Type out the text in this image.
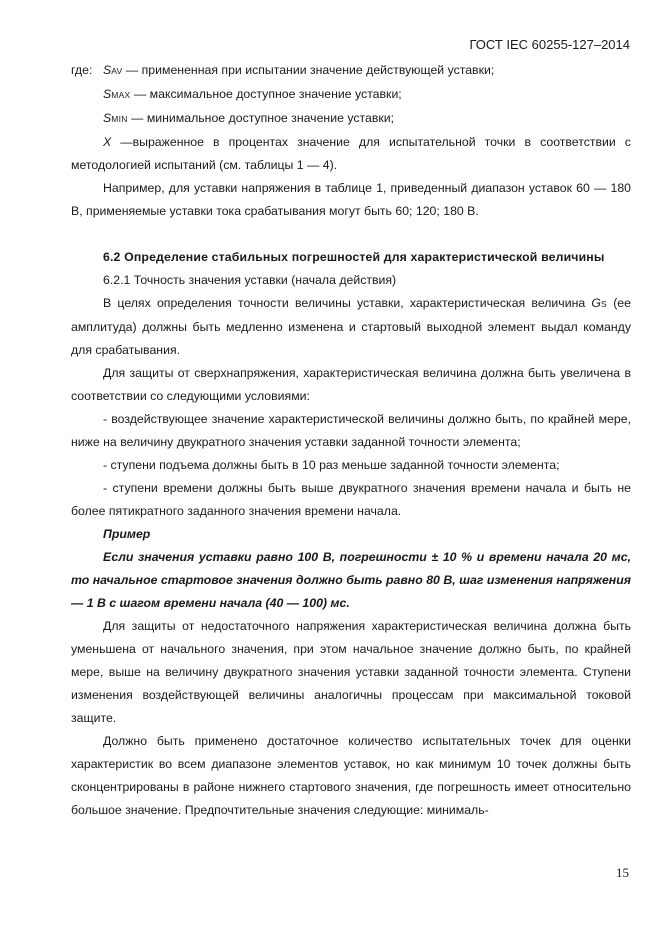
ГОСТ IEC 60255-127–2014
где: SAV — примененная при испытании значение действующей уставки;
SMAX — максимальное доступное значение уставки;
SMIN — минимальное доступное значение уставки;

X —выраженное в процентах значение для испытательной точки в соответствии с методологией испытаний (см. таблицы 1 — 4).

Например, для уставки напряжения в таблице 1, приведенный диапазон уставок 60 — 180 В, применяемые уставки тока срабатывания могут быть 60; 120; 180 В.

6.2 Определение стабильных погрешностей для характеристической величины

6.2.1 Точность значения уставки (начала действия)

В целях определения точности величины уставки, характеристическая величина GS (ее амплитуда) должны быть медленно изменена и стартовый выходной элемент выдал команду для срабатывания.

Для защиты от сверхнапряжения, характеристическая величина должна быть увеличена в соответствии со следующими условиями:

- воздействующее значение характеристической величины должно быть, по крайней мере, ниже на величину двукратного значения уставки заданной точности элемента;

- ступени подъема должны быть в 10 раз меньше заданной точности элемента;

- ступени времени должны быть выше двукратного значения времени начала и быть не более пятикратного заданного значения времени начала.

Пример

Если значения уставки равно 100 В, погрешности ± 10 % и времени начала 20 мс, то начальное стартовое значения должно быть равно 80 В, шаг изменения напряжения — 1 В с шагом времени начала (40 — 100) мс.

Для защиты от недостаточного напряжения характеристическая величина должна быть уменьшена от начального значения, при этом начальное значение должно быть, по крайней мере, выше на величину двукратного значения уставки заданной точности элемента. Ступени изменения воздействующей величины аналогичны процессам при максимальной токовой защите.

Должно быть применено достаточное количество испытательных точек для оценки характеристик во всем диапазоне элементов уставок, но как минимум 10 точек должны быть сконцентрированы в районе нижнего стартового значения, где погрешность имеет относительно большое значение. Предпочтительные значения следующие: минималь-

15
